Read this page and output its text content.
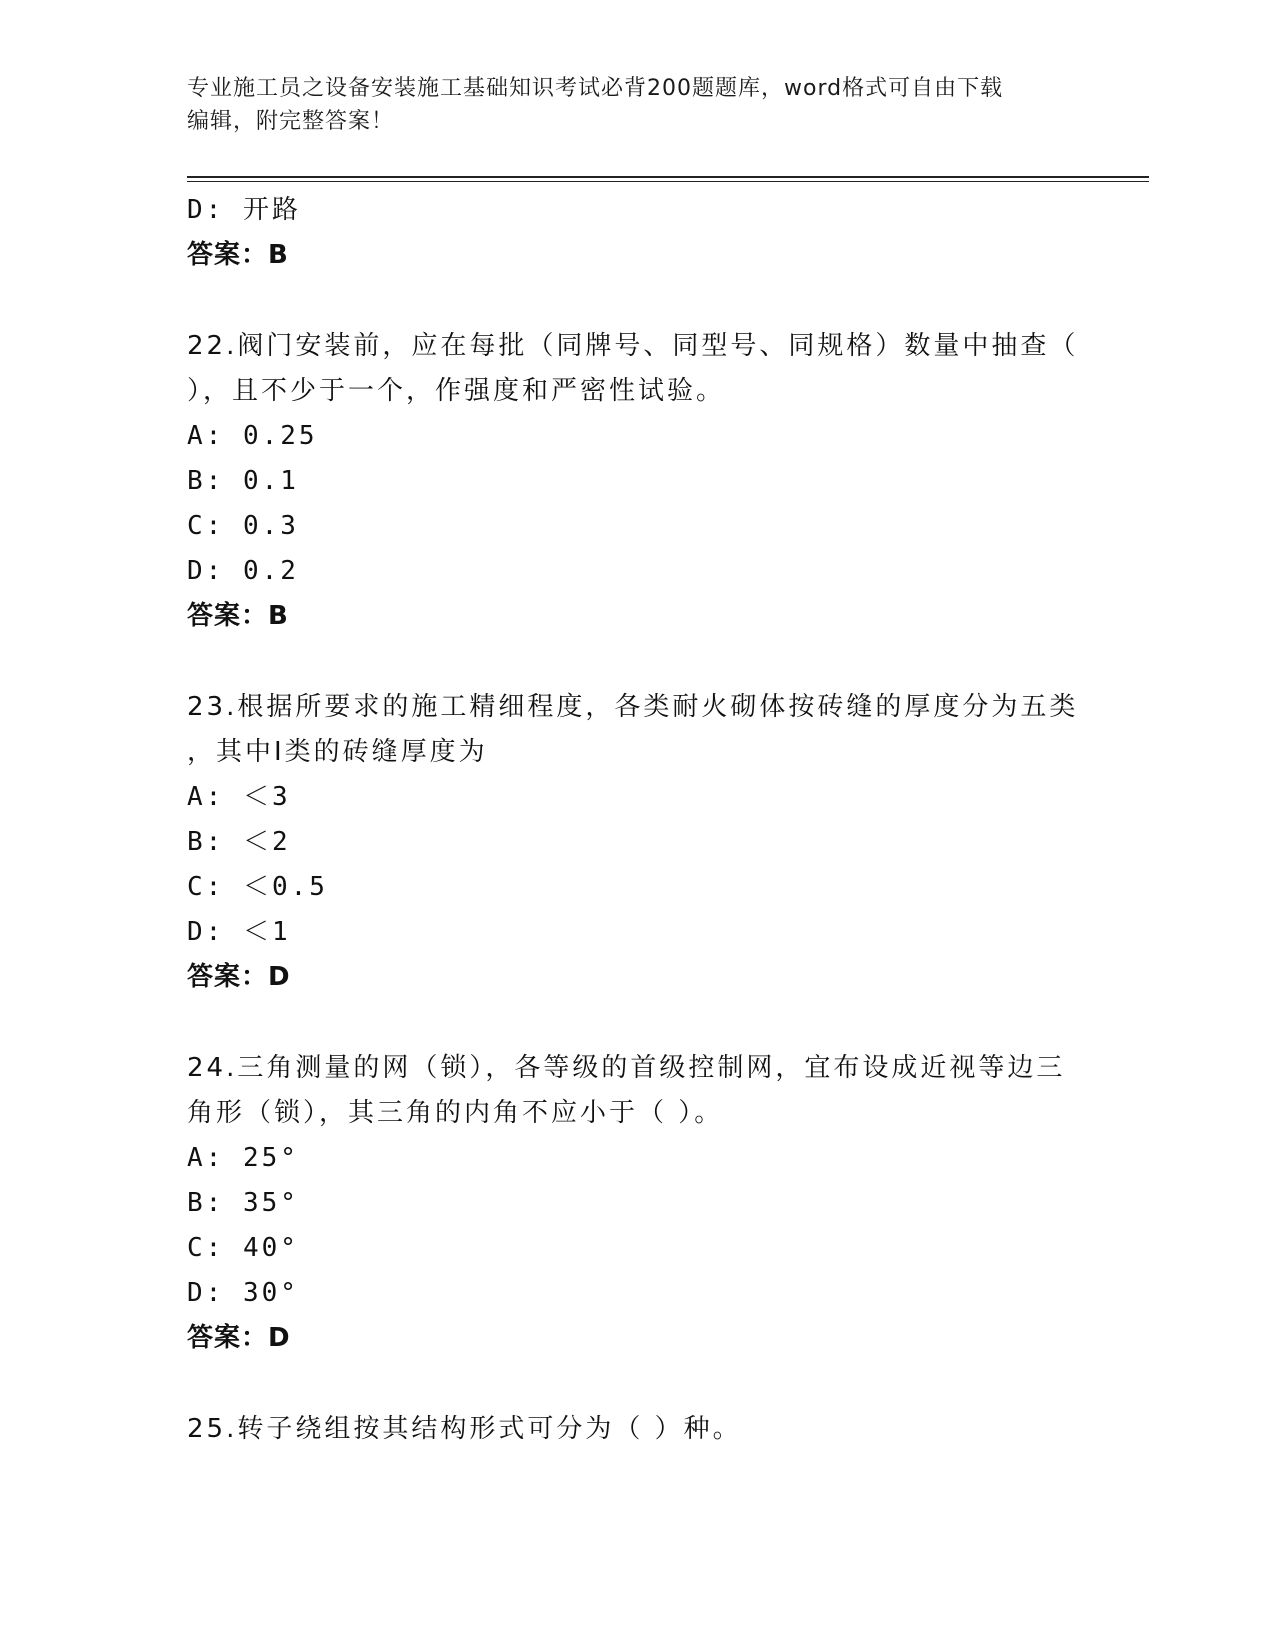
专业施工员之设备安装施工基础知识考试必背200题题库，word格式可自由下载
编辑，附完整答案！
D: 开路
答案：B
22.阀门安装前，应在每批（同牌号、同型号、同规格）数量中抽查（
），且不少于一个，作强度和严密性试验。
A: 0.25
B: 0.1
C: 0.3
D: 0.2
答案：B
23.根据所要求的施工精细程度，各类耐火砌体按砖缝的厚度分为五类
，其中Ⅰ类的砖缝厚度为
A: ＜3
B: ＜2
C: ＜0.5
D: ＜1
答案：D
24.三角测量的网（锁），各等级的首级控制网，宜布设成近视等边三
角形（锁），其三角的内角不应小于（ ）。
A: 25°
B: 35°
C: 40°
D: 30°
答案：D
25.转子绕组按其结构形式可分为（ ）种。
